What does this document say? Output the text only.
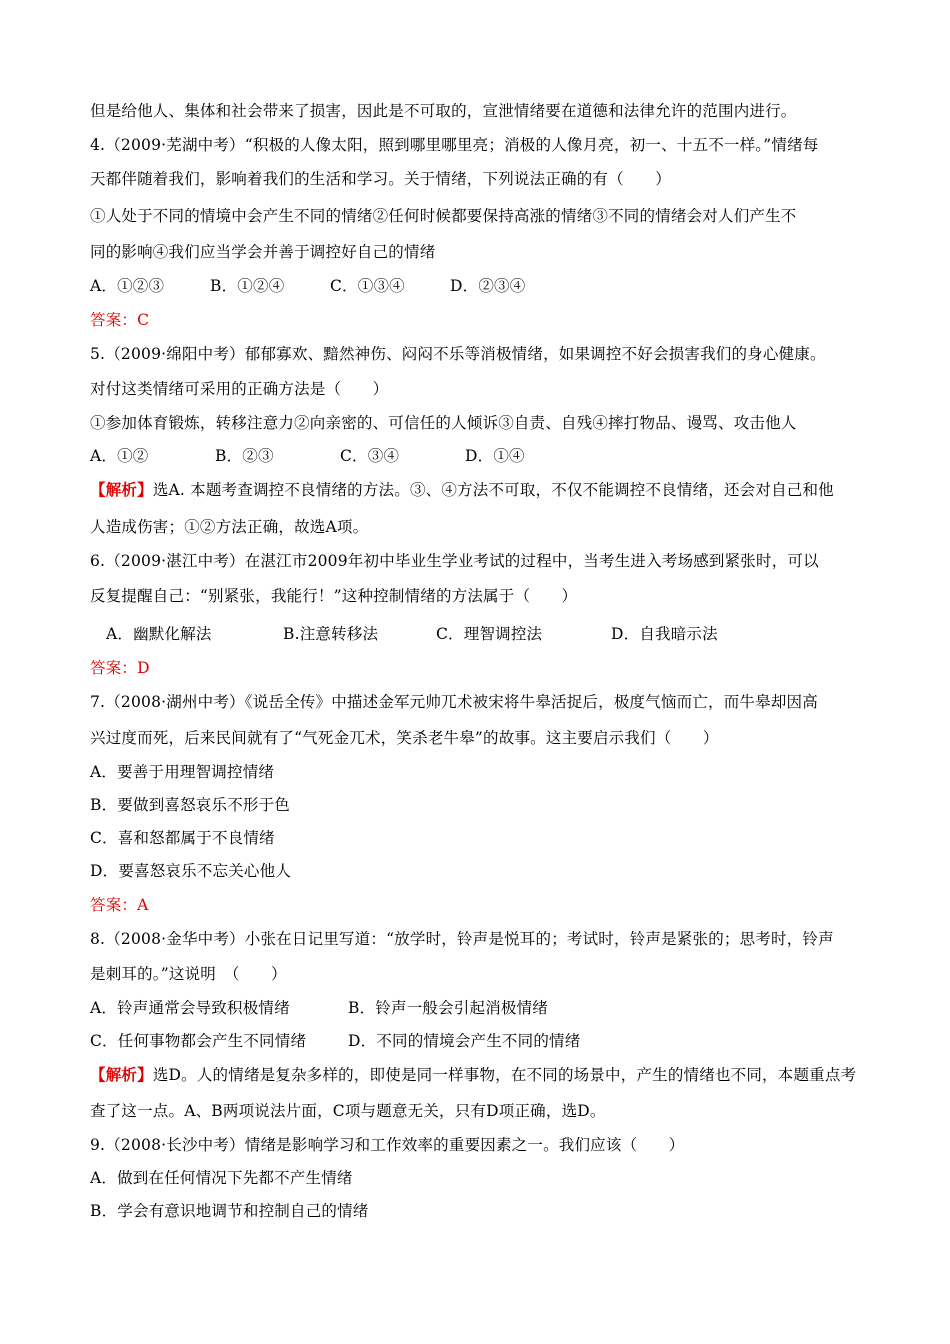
但是给他人、集体和社会带来了损害，因此是不可取的，宣泄情绪要在道德和法律允许的范围内进行。
4.（2009·芜湖中考）“积极的人像太阳，照到哪里哪里亮；消极的人像月亮，初一、十五不一样。”情绪每
天都伴随着我们，影响着我们的生活和学习。关于情绪，下列说法正确的有（　　）
①人处于不同的情境中会产生不同的情绪②任何时候都要保持高涨的情绪③不同的情绪会对人们产生不
同的影响④我们应当学会并善于调控好自己的情绪
A．①②③	B．①②④	C．①③④	D．②③④
答案：C
5.（2009·绵阳中考）郁郁寡欢、黯然神伤、闷闷不乐等消极情绪，如果调控不好会损害我们的身心健康。
对付这类情绪可采用的正确方法是（　　）
①参加体育锻炼，转移注意力②向亲密的、可信任的人倾诉③自责、自残④摔打物品、谩骂、攻击他人
A．①②	B．②③	C．③④	D．①④
【解析】选A. 本题考查调控不良情绪的方法。③、④方法不可取，不仅不能调控不良情绪，还会对自己和他
人造成伤害；①②方法正确，故选A项。
6.（2009·湛江中考）在湛江市2009年初中毕业生学业考试的过程中，当考生进入考场感到紧张时，可以
反复提醒自己：“别紧张，我能行！”这种控制情绪的方法属于（　　）
A．幽默化解法	B.注意转移法	C．理智调控法	D．自我暗示法
答案：D
7.（2008·湖州中考）《说岳全传》中描述金军元帅兀术被宋将牛皋活捉后，极度气恼而亡，而牛皋却因高
兴过度而死，后来民间就有了“气死金兀术，笑杀老牛皋”的故事。这主要启示我们（　　）
A．要善于用理智调控情绪
B．要做到喜怒哀乐不形于色
C．喜和怒都属于不良情绪
D．要喜怒哀乐不忘关心他人
答案：A
8.（2008·金华中考）小张在日记里写道：“放学时，铃声是悦耳的；考试时，铃声是紧张的；思考时，铃声
是刺耳的。”这说明　（　　）
A．铃声通常会导致积极情绪	B．铃声一般会引起消极情绪
C．任何事物都会产生不同情绪	D．不同的情境会产生不同的情绪
【解析】选D。人的情绪是复杂多样的，即使是同一样事物，在不同的场景中，产生的情绪也不同，本题重点考
查了这一点。A、B两项说法片面，C项与题意无关，只有D项正确，选D。
9.（2008·长沙中考）情绪是影响学习和工作效率的重要因素之一。我们应该（　　）
A．做到在任何情况下先都不产生情绪
B．学会有意识地调节和控制自己的情绪
